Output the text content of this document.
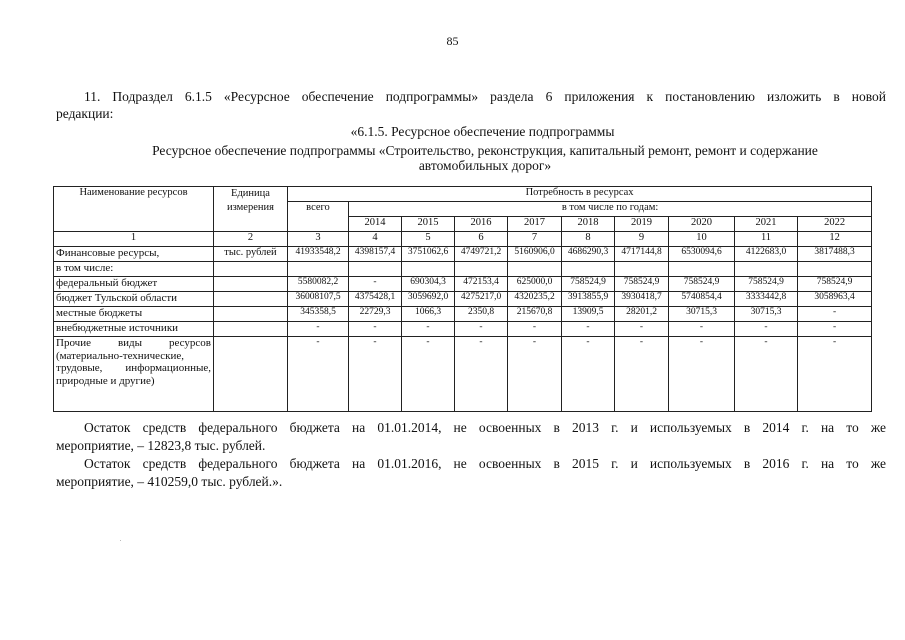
85
11. Подраздел 6.1.5 «Ресурсное обеспечение подпрограммы» раздела 6 приложения к постановлению изложить в новой
редакции:
«6.1.5. Ресурсное обеспечение подпрограммы
Ресурсное обеспечение подпрограммы «Строительство, реконструкция, капитальный ремонт, ремонт и содержание
автомобильных дорог»
Наименование ресурсов	Единица измерения	Потребность в ресурсах									
		всего	в том числе по годам:								
			2014	2015	2016	2017	2018	2019	2020	2021	2022
1	2	3	4	5	6	7	8	9	10	11	12
Финансовые ресурсы,	тыс. рублей	41933548,2	4398157,4	3751062,6	4749721,2	5160906,0	4686290,3	4717144,8	6530094,6	4122683,0	3817488,3
в том числе:											
федеральный бюджет		5580082,2	-	690304,3	472153,4	625000,0	758524,9	758524,9	758524,9	758524,9	758524,9
бюджет Тульской области		36008107,5	4375428,1	3059692,0	4275217,0	4320235,2	3913855,9	3930418,7	5740854,4	3333442,8	3058963,4
местные бюджеты		345358,5	22729,3	1066,3	2350,8	215670,8	13909,5	28201,2	30715,3	30715,3	-
внебюджетные источники		-	-	-	-	-	-	-	-	-	-
Прочие виды ресурсов (материально-технические, трудовые, информационные, природные и другие)		-	-	-	-	-	-	-	-	-	-
Остаток средств федерального бюджета на 01.01.2014, не освоенных в 2013 г. и используемых в 2014 г. на то же
мероприятие, – 12823,8 тыс. рублей.
Остаток средств федерального бюджета на 01.01.2016, не освоенных в 2015 г. и используемых в 2016 г. на то же
мероприятие, – 410259,0 тыс. рублей.».
